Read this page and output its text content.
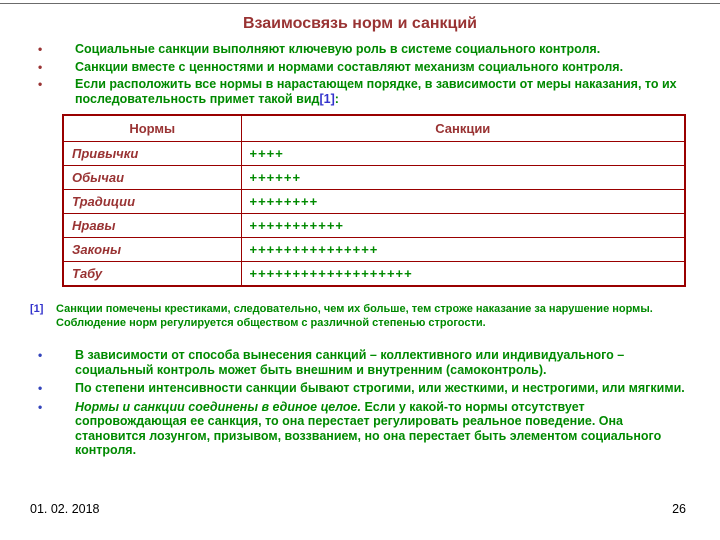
Взаимосвязь норм и санкций
• Социальные санкции выполняют ключевую роль в системе социального контроля.
• Санкции вместе с ценностями и нормами составляют механизм социального контроля.
• Если расположить все нормы в нарастающем порядке, в зависимости от меры наказания, то их последовательность примет такой вид[1]:
Нормы	Санкции
Привычки	++++
Обычаи	++++++
Традиции	++++++++
Нравы	+++++++++++
Законы	+++++++++++++++
Табу	+++++++++++++++++++

[1] Санкции помечены крестиками, следовательно, чем их больше, тем строже наказание за нарушение нормы. Соблюдение норм регулируется обществом с различной степенью строгости.

• В зависимости от способа вынесения санкций – коллективного или индивидуального – социальный контроль может быть внешним и внутренним (самоконтроль).
• По степени интенсивности санкции бывают строгими, или жесткими, и нестрогими, или мягкими.
• Нормы и санкции соединены в единое целое. Если у какой-то нормы отсутствует сопровождающая ее санкция, то она перестает регулировать реальное поведение. Она становится лозунгом, призывом, воззванием, но она перестает быть элементом социального контроля.
01. 02. 2018	26
